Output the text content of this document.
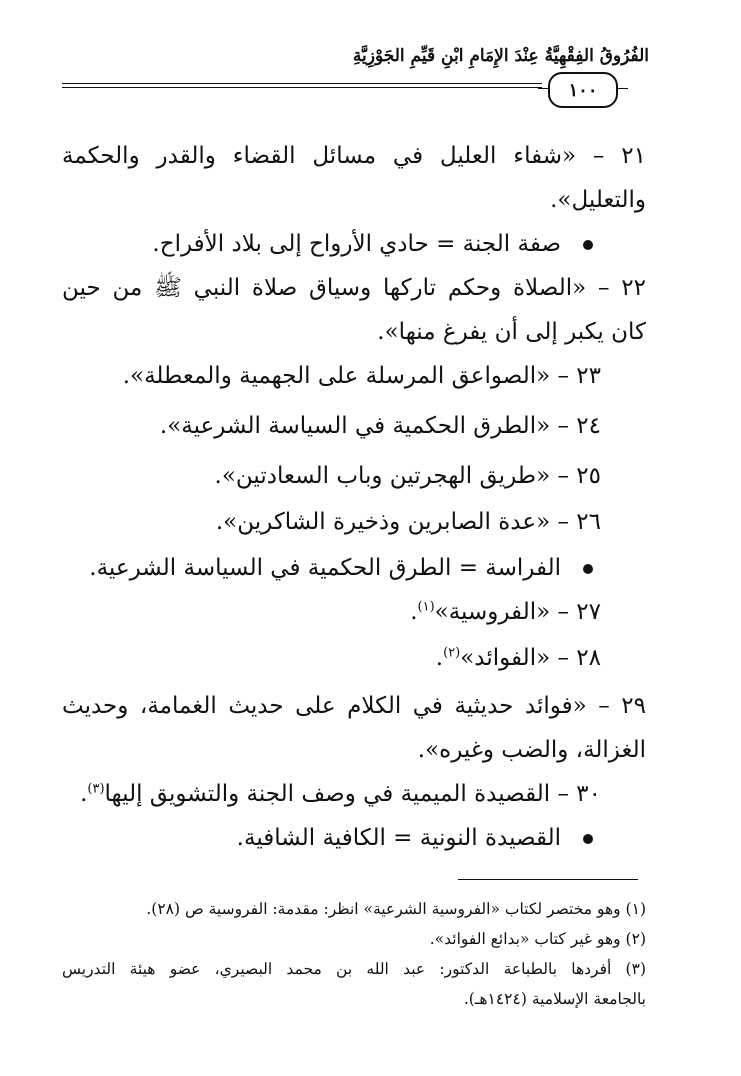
الفُرُوقُ الفِقْهِيَّةُ عِنْدَ الإِمَامِ ابْنِ قَيِّمِ الجَوْزِيَّةِ
١٠٠
٢١ – «شفاء العليل في مسائل القضاء والقدر والحكمة
والتعليل».
صفة الجنة = حادي الأرواح إلى بلاد الأفراح.
٢٢ – «الصلاة وحكم تاركها وسياق صلاة النبي ﷺ من حين
كان يكبر إلى أن يفرغ منها».
٢٣ – «الصواعق المرسلة على الجهمية والمعطلة».
٢٤ – «الطرق الحكمية في السياسة الشرعية».
٢٥ – «طريق الهجرتين وباب السعادتين».
٢٦ – «عدة الصابرين وذخيرة الشاكرين».
الفراسة = الطرق الحكمية في السياسة الشرعية.
٢٧ – «الفروسية»$^{(١)}$.
٢٨ – «الفوائد»$^{(٢)}$.
٢٩ – «فوائد حديثية في الكلام على حديث الغمامة، وحديث
الغزالة، والضب وغيره».
٣٠ – القصيدة الميمية في وصف الجنة والتشويق إليها$^{(٣)}$.
القصيدة النونية = الكافية الشافية.
(١) وهو مختصر لكتاب «الفروسية الشرعية» انظر: مقدمة: الفروسية ص (٢٨).
(٢) وهو غير كتاب «بدائع الفوائد».
(٣) أفردها بالطباعة الدكتور: عبد الله بن محمد البصيري، عضو هيئة التدريس
بالجامعة الإسلامية (١٤٢٤هـ).
